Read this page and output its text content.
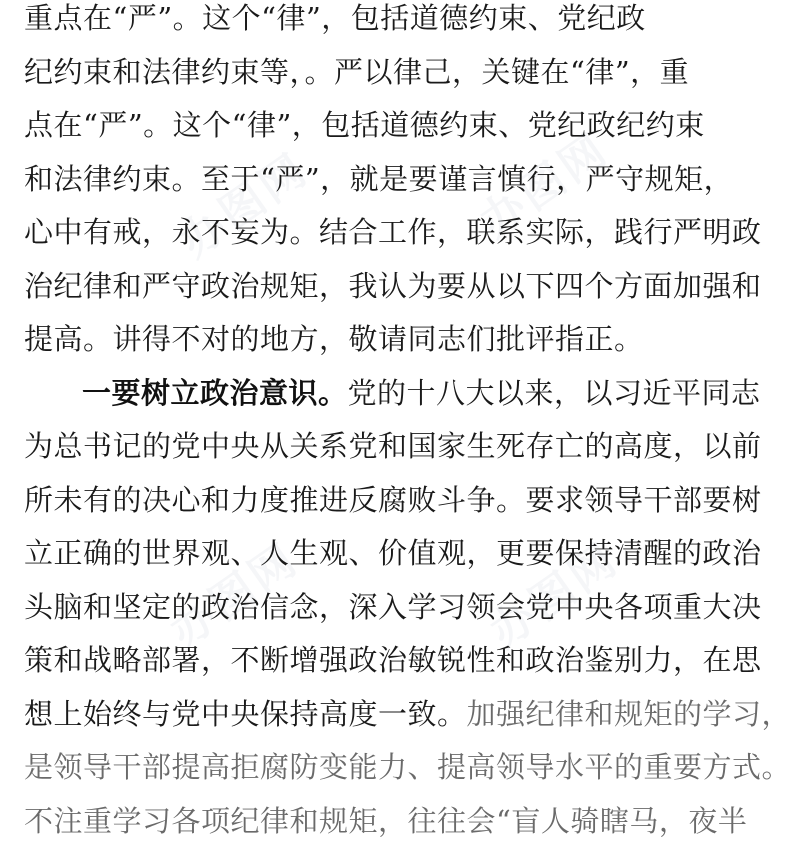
办图网	办图网
办图网	办图网
重点在“严”。这个“律”，包括道德约束、党纪政
纪约束和法律约束等，。严以律己，关键在“律”，重
点在“严”。这个“律”，包括道德约束、党纪政纪约束
和法律约束。至于“严”，就是要谨言慎行，严守规矩，
心中有戒，永不妄为。结合工作，联系实际，践行严明政
治纪律和严守政治规矩，我认为要从以下四个方面加强和
提高。讲得不对的地方，敬请同志们批评指正。
一要树立政治意识。党的十八大以来，以习近平同志
为总书记的党中央从关系党和国家生死存亡的高度，以前
所未有的决心和力度推进反腐败斗争。要求领导干部要树
立正确的世界观、人生观、价值观，更要保持清醒的政治
头脑和坚定的政治信念，深入学习领会党中央各项重大决
策和战略部署，不断增强政治敏锐性和政治鉴别力，在思
想上始终与党中央保持高度一致。加强纪律和规矩的学习，
是领导干部提高拒腐防变能力、提高领导水平的重要方式。
不注重学习各项纪律和规矩，往往会“盲人骑瞎马，夜半
